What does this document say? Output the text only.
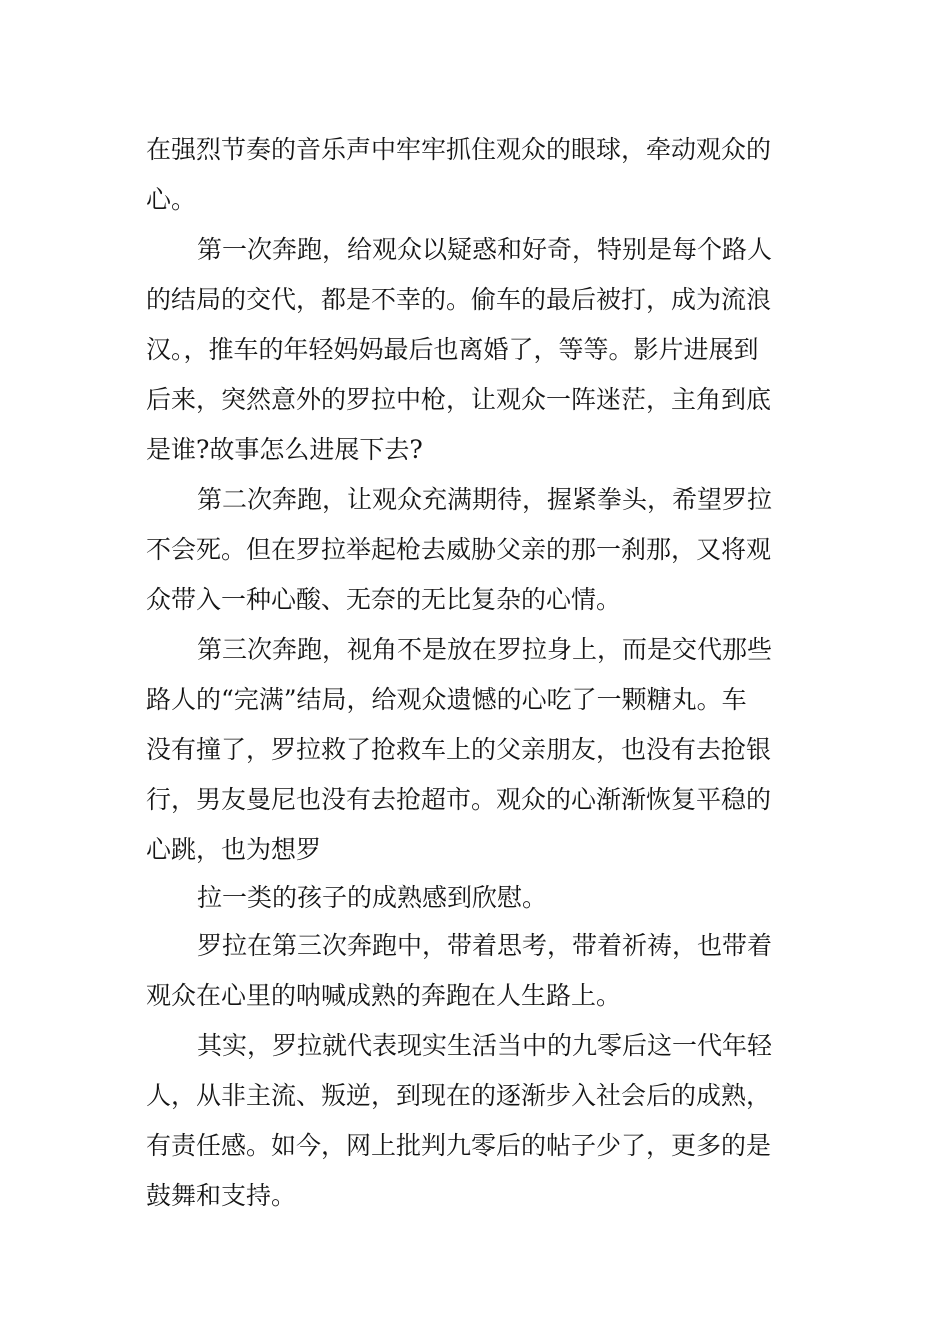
在强烈节奏的音乐声中牢牢抓住观众的眼球，牵动观众的

心。

第一次奔跑，给观众以疑惑和好奇，特别是每个路人

的结局的交代，都是不幸的。偷车的最后被打，成为流浪

汉。，推车的年轻妈妈最后也离婚了，等等。影片进展到

后来，突然意外的罗拉中枪，让观众一阵迷茫，主角到底

是谁?故事怎么进展下去?

第二次奔跑，让观众充满期待，握紧拳头，希望罗拉

不会死。但在罗拉举起枪去威胁父亲的那一刹那，又将观

众带入一种心酸、无奈的无比复杂的心情。

第三次奔跑，视角不是放在罗拉身上，而是交代那些

路人的“完满”结局，给观众遗憾的心吃了一颗糖丸。车

没有撞了，罗拉救了抢救车上的父亲朋友，也没有去抢银

行，男友曼尼也没有去抢超市。观众的心渐渐恢复平稳的

心跳，也为想罗

拉一类的孩子的成熟感到欣慰。

罗拉在第三次奔跑中，带着思考，带着祈祷，也带着

观众在心里的呐喊成熟的奔跑在人生路上。

其实，罗拉就代表现实生活当中的九零后这一代年轻

人，从非主流、叛逆，到现在的逐渐步入社会后的成熟，

有责任感。如今，网上批判九零后的帖子少了，更多的是

鼓舞和支持。
